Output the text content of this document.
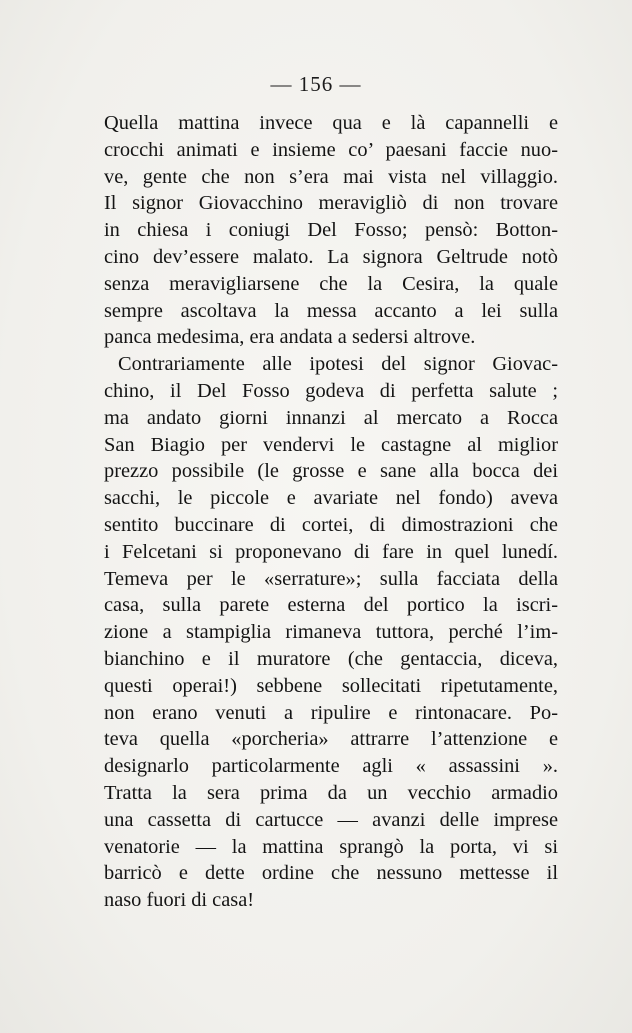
— 156 —
Quella mattina invece qua e là capannelli e
crocchi animati e insieme co’ paesani faccie nuo-
ve, gente che non s’era mai vista nel villaggio.
Il signor Giovacchino meravigliò di non trovare
in chiesa i coniugi Del Fosso; pensò: Botton-
cino dev’essere malato. La signora Geltrude notò
senza meravigliarsene che la Cesira, la quale
sempre ascoltava la messa accanto a lei sulla
panca medesima, era andata a sedersi altrove.
Contrariamente alle ipotesi del signor Giovac-
chino, il Del Fosso godeva di perfetta salute ;
ma andato giorni innanzi al mercato a Rocca
San Biagio per vendervi le castagne al miglior
prezzo possibile (le grosse e sane alla bocca dei
sacchi, le piccole e avariate nel fondo) aveva
sentito buccinare di cortei, di dimostrazioni che
i Felcetani si proponevano di fare in quel lunedí.
Temeva per le «serrature»; sulla facciata della
casa, sulla parete esterna del portico la iscri-
zione a stampiglia rimaneva tuttora, perché l’im-
bianchino e il muratore (che gentaccia, diceva,
questi operai!) sebbene sollecitati ripetutamente,
non erano venuti a ripulire e rintonacare. Po-
teva quella «porcheria» attrarre l’attenzione e
designarlo particolarmente agli « assassini ».
Tratta la sera prima da un vecchio armadio
una cassetta di cartucce — avanzi delle imprese
venatorie — la mattina sprangò la porta, vi si
barricò e dette ordine che nessuno mettesse il
naso fuori di casa!
